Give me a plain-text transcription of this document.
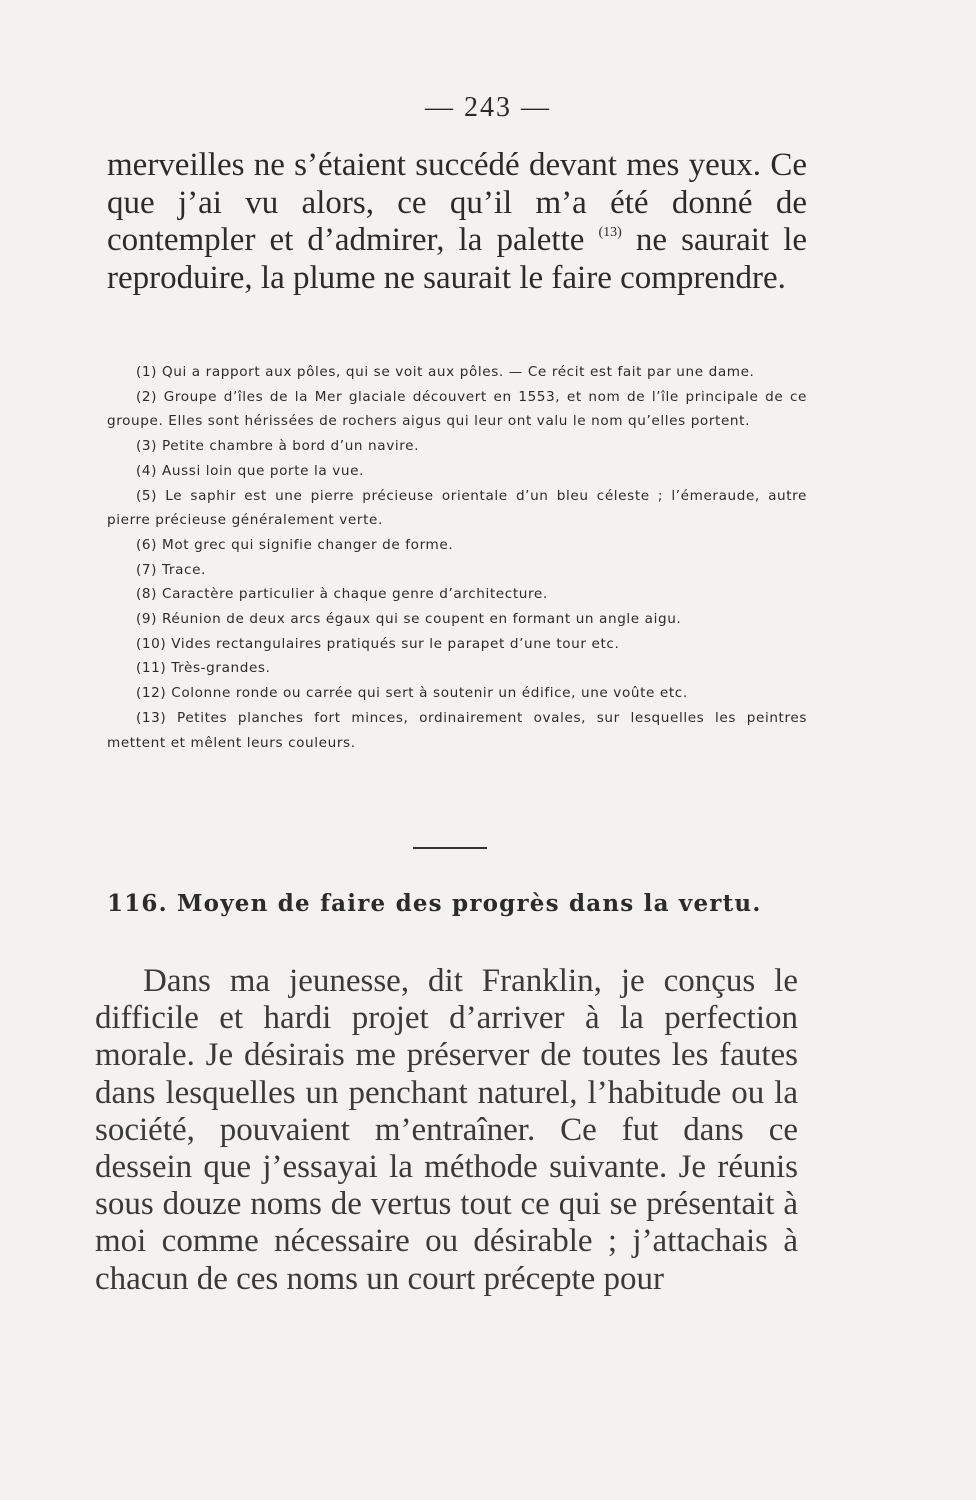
— 243 —

merveilles ne s’étaient succédé devant mes yeux. Ce que j’ai vu alors, ce qu’il m’a été donné de contempler et d’admirer, la palette $^{(13)}$ ne saurait le reproduire, la plume ne saurait le faire comprendre.

(1) Qui a rapport aux pôles, qui se voit aux pôles. — Ce récit est fait par une dame.

(2) Groupe d’îles de la Mer glaciale découvert en 1553, et nom de l’île principale de ce groupe. Elles sont hérissées de rochers aigus qui leur ont valu le nom qu’elles portent.

(3) Petite chambre à bord d’un navire.

(4) Aussi loin que porte la vue.

(5) Le saphir est une pierre précieuse orientale d’un bleu céleste ; l’émeraude, autre pierre précieuse généralement verte.

(6) Mot grec qui signifie changer de forme.

(7) Trace.

(8) Caractère particulier à chaque genre d’architecture.

(9) Réunion de deux arcs égaux qui se coupent en formant un angle aigu.

(10) Vides rectangulaires pratiqués sur le parapet d’une tour etc.

(11) Très-grandes.

(12) Colonne ronde ou carrée qui sert à soutenir un édifice, une voûte etc.

(13) Petites planches fort minces, ordinairement ovales, sur lesquelles les peintres mettent et mêlent leurs couleurs.

116. Moyen de faire des progrès dans la vertu.

Dans ma jeunesse, dit Franklin, je conçus le difficile et hardi projet d’arriver à la perfection morale. Je désirais me préserver de toutes les fautes dans lesquelles un penchant naturel, l’habitude ou la société, pouvaient m’entraîner. Ce fut dans ce dessein que j’essayai la méthode suivante. Je réunis sous douze noms de vertus tout ce qui se présentait à moi comme nécessaire ou désirable ; j’attachais à chacun de ces noms un court précepte pour
